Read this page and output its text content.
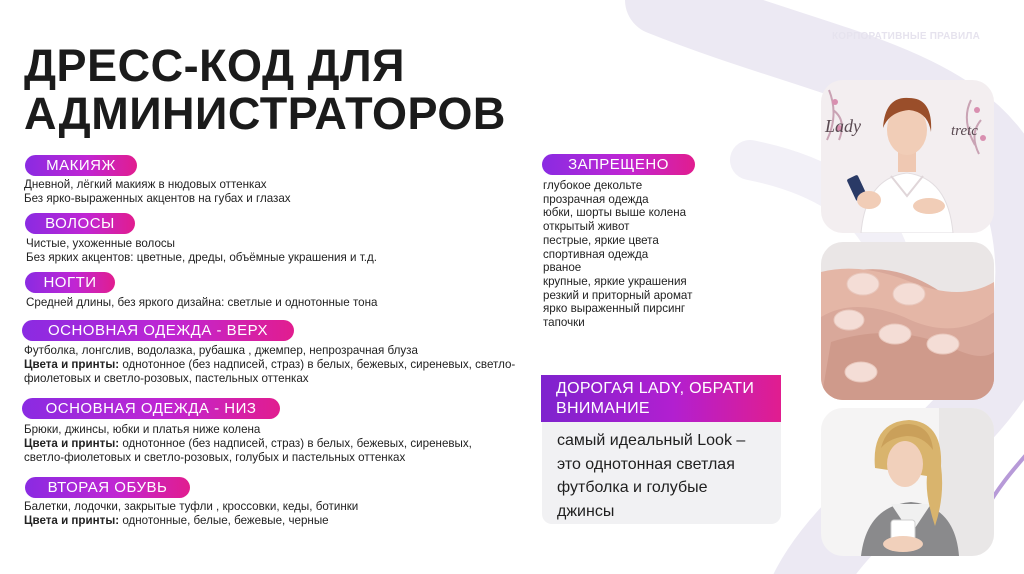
КОРПОРАТИВНЫЕ ПРАВИЛА
ДРЕСС-КОД ДЛЯ
АДМИНИСТРАТОРОВ
МАКИЯЖ
Дневной, лёгкий макияж в нюдовых оттенках
Без ярко-выраженных акцентов на губах и глазах
ВОЛОСЫ
Чистые, ухоженные волосы
Без ярких акцентов: цветные, дреды, объёмные украшения и т.д.
НОГТИ
Средней длины, без яркого дизайна: светлые и однотонные тона
ОСНОВНАЯ ОДЕЖДА - ВЕРХ
Футболка, лонгслив, водолазка, рубашка , джемпер, непрозрачная блуза
Цвета и принты: однотонное (без надписей, страз) в белых, бежевых, сиреневых, светло-
фиолетовых и светло-розовых, пастельных оттенках
ОСНОВНАЯ ОДЕЖДА - НИЗ
Брюки, джинсы, юбки и платья ниже колена
Цвета и принты: однотонное (без надписей, страз) в белых, бежевых, сиреневых,
светло-фиолетовых и светло-розовых, голубых и пастельных оттенках
ВТОРАЯ ОБУВЬ
Балетки, лодочки, закрытые туфли , кроссовки, кеды, ботинки
Цвета и принты: однотонные, белые, бежевые, черные
ЗАПРЕЩЕНО
глубокое декольте
прозрачная одежда
юбки, шорты выше колена
открытый живот
пестрые, яркие цвета
спортивная одежда
рваное
крупные, яркие украшения
резкий и приторный аромат
ярко выраженный пирсинг
тапочки
ДОРОГАЯ LADY, ОБРАТИ
ВНИМАНИЕ
самый идеальный Look –
это однотонная светлая
футболка и голубые
джинсы
Lady	tretc
